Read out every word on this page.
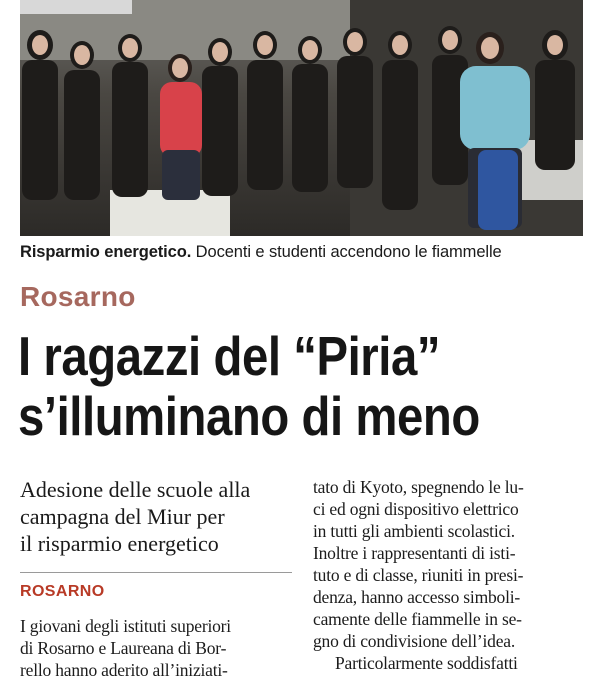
Risparmio energetico. Docenti e studenti accendono le fiammelle
Rosarno
I ragazzi del “Piria”
s’illuminano di meno
Adesione delle scuole alla
campagna del Miur per
il risparmio energetico
ROSARNO
I giovani degli istituti superiori
di Rosarno e Laureana di Bor-
rello hanno aderito all’iniziati-
tato di Kyoto, spegnendo le lu-
ci ed ogni dispositivo elettrico
in tutti gli ambienti scolastici.
Inoltre i rappresentanti di isti-
tuto e di classe, riuniti in presi-
denza, hanno accesso simboli-
camente delle fiammelle in se-
gno di condivisione dell’idea.
Particolarmente soddisfatti
